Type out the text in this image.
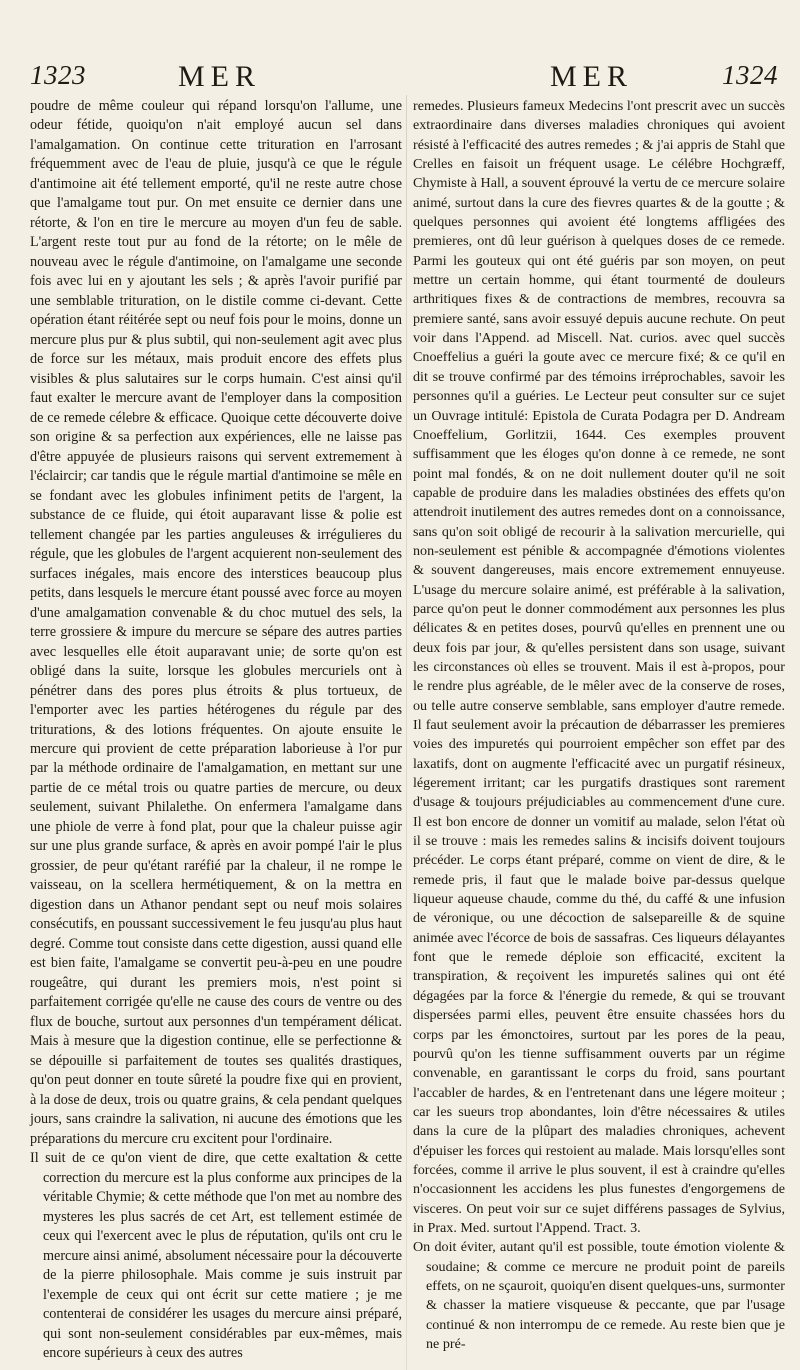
1323	MER	MER	1324

poudre de même couleur qui répand lorsqu'on l'allume, une odeur fétide, quoiqu'on n'ait employé aucun sel dans l'amalgamation. On continue cette trituration en l'arrosant fréquemment avec de l'eau de pluie, jusqu'à ce que le régule d'antimoine ait été tellement emporté, qu'il ne reste autre chose que l'amalgame tout pur. On met ensuite ce dernier dans une rétorte, & l'on en tire le mercure au moyen d'un feu de sable. L'argent reste tout pur au fond de la rétorte; on le mêle de nouveau avec le régule d'antimoine, on l'amalgame une seconde fois avec lui en y ajoutant les sels ; & après l'avoir purifié par une semblable trituration, on le distile comme ci-devant. Cette opération étant réitérée sept ou neuf fois pour le moins, donne un mercure plus pur & plus subtil, qui non-seulement agit avec plus de force sur les métaux, mais produit encore des effets plus visibles & plus salutaires sur le corps humain. C'est ainsi qu'il faut exalter le mercure avant de l'employer dans la composition de ce remede célebre & efficace. Quoique cette découverte doive son origine & sa perfection aux expériences, elle ne laisse pas d'être appuyée de plusieurs raisons qui servent extremement à l'éclaircir; car tandis que le régule martial d'antimoine se mêle en se fondant avec les globules infiniment petits de l'argent, la substance de ce fluide, qui étoit auparavant lisse & polie est tellement changée par les parties anguleuses & irrégulieres du régule, que les globules de l'argent acquierent non-seulement des surfaces inégales, mais encore des interstices beaucoup plus petits, dans lesquels le mercure étant poussé avec force au moyen d'une amalgamation convenable & du choc mutuel des sels, la terre grossiere & impure du mercure se sépare des autres parties avec lesquelles elle étoit auparavant unie; de sorte qu'on est obligé dans la suite, lorsque les globules mercuriels ont à pénétrer dans des pores plus étroits & plus tortueux, de l'emporter avec les parties hétérogenes du régule par des triturations, & des lotions fréquentes. On ajoute ensuite le mercure qui provient de cette préparation laborieuse à l'or pur par la méthode ordinaire de l'amalgamation, en mettant sur une partie de ce métal trois ou quatre parties de mercure, ou deux seulement, suivant Philalethe. On enfermera l'amalgame dans une phiole de verre à fond plat, pour que la chaleur puisse agir sur une plus grande surface, & après en avoir pompé l'air le plus grossier, de peur qu'étant raréfié par la chaleur, il ne rompe le vaisseau, on la scellera hermétiquement, & on la mettra en digestion dans un Athanor pendant sept ou neuf mois solaires consécutifs, en poussant successivement le feu jusqu'au plus haut degré. Comme tout consiste dans cette digestion, aussi quand elle est bien faite, l'amalgame se convertit peu-à-peu en une poudre rougeâtre, qui durant les premiers mois, n'est point si parfaitement corrigée qu'elle ne cause des cours de ventre ou des flux de bouche, surtout aux personnes d'un tempérament délicat. Mais à mesure que la digestion continue, elle se perfectionne & se dépouille si parfaitement de toutes ses qualités drastiques, qu'on peut donner en toute sûreté la poudre fixe qui en provient, à la dose de deux, trois ou quatre grains, & cela pendant quelques jours, sans craindre la salivation, ni aucune des émotions que les préparations du mercure cru excitent pour l'ordinaire.

Il suit de ce qu'on vient de dire, que cette exaltation & cette correction du mercure est la plus conforme aux principes de la véritable Chymie; & cette méthode que l'on met au nombre des mysteres les plus sacrés de cet Art, est tellement estimée de ceux qui l'exercent avec le plus de réputation, qu'ils ont cru le mercure ainsi animé, absolument nécessaire pour la découverte de la pierre philosophale. Mais comme je suis instruit par l'exemple de ceux qui ont écrit sur cette matiere ; je me contenterai de considérer les usages du mercure ainsi préparé, qui sont non-seulement considérables par eux-mêmes, mais encore supérieurs à ceux des autres

remedes. Plusieurs fameux Medecins l'ont prescrit avec un succès extraordinaire dans diverses maladies chroniques qui avoient résisté à l'efficacité des autres remedes ; & j'ai appris de Stahl que Crelles en faisoit un fréquent usage. Le célébre Hochgræff, Chymiste à Hall, a souvent éprouvé la vertu de ce mercure solaire animé, surtout dans la cure des fievres quartes & de la goutte ; & quelques personnes qui avoient été longtems affligées des premieres, ont dû leur guérison à quelques doses de ce remede. Parmi les gouteux qui ont été guéris par son moyen, on peut mettre un certain homme, qui étant tourmenté de douleurs arthritiques fixes & de contractions de membres, recouvra sa premiere santé, sans avoir essuyé depuis aucune rechute. On peut voir dans l'Append. ad Miscell. Nat. curios. avec quel succès Cnoeffelius a guéri la goute avec ce mercure fixé; & ce qu'il en dit se trouve confirmé par des témoins irréprochables, savoir les personnes qu'il a guéries. Le Lecteur peut consulter sur ce sujet un Ouvrage intitulé: Epistola de Curata Podagra per D. Andream Cnoeffelium, Gorlitzii, 1644. Ces exemples prouvent suffisamment que les éloges qu'on donne à ce remede, ne sont point mal fondés, & on ne doit nullement douter qu'il ne soit capable de produire dans les maladies obstinées des effets qu'on attendroit inutilement des autres remedes dont on a connoissance, sans qu'on soit obligé de recourir à la salivation mercurielle, qui non-seulement est pénible & accompagnée d'émotions violentes & souvent dangereuses, mais encore extremement ennuyeuse. L'usage du mercure solaire animé, est préférable à la salivation, parce qu'on peut le donner commodément aux personnes les plus délicates & en petites doses, pourvû qu'elles en prennent une ou deux fois par jour, & qu'elles persistent dans son usage, suivant les circonstances où elles se trouvent. Mais il est à-propos, pour le rendre plus agréable, de le mêler avec de la conserve de roses, ou telle autre conserve semblable, sans employer d'autre remede. Il faut seulement avoir la précaution de débarrasser les premieres voies des impuretés qui pourroient empêcher son effet par des laxatifs, dont on augmente l'efficacité avec un purgatif résineux, légerement irritant; car les purgatifs drastiques sont rarement d'usage & toujours préjudiciables au commencement d'une cure. Il est bon encore de donner un vomitif au malade, selon l'état où il se trouve : mais les remedes salins & incisifs doivent toujours précéder. Le corps étant préparé, comme on vient de dire, & le remede pris, il faut que le malade boive par-dessus quelque liqueur aqueuse chaude, comme du thé, du caffé & une infusion de véronique, ou une décoction de salsepareille & de squine animée avec l'écorce de bois de sassafras. Ces liqueurs délayantes font que le remede déploie son efficacité, excitent la transpiration, & reçoivent les impuretés salines qui ont été dégagées par la force & l'énergie du remede, & qui se trouvant dispersées parmi elles, peuvent être ensuite chassées hors du corps par les émonctoires, surtout par les pores de la peau, pourvû qu'on les tienne suffisamment ouverts par un régime convenable, en garantissant le corps du froid, sans pourtant l'accabler de hardes, & en l'entretenant dans une légere moiteur ; car les sueurs trop abondantes, loin d'être nécessaires & utiles dans la cure de la plûpart des maladies chroniques, achevent d'épuiser les forces qui restoient au malade. Mais lorsqu'elles sont forcées, comme il arrive le plus souvent, il est à craindre qu'elles n'occasionnent les accidens les plus funestes d'engorgemens de visceres. On peut voir sur ce sujet différens passages de Sylvius, in Prax. Med. surtout l'Append. Tract. 3.

On doit éviter, autant qu'il est possible, toute émotion violente & soudaine; & comme ce mercure ne produit point de pareils effets, on ne sçauroit, quoiqu'en disent quelques-uns, surmonter & chasser la matiere visqueuse & peccante, que par l'usage continué & non interrompu de ce remede. Au reste bien que je ne pré-
